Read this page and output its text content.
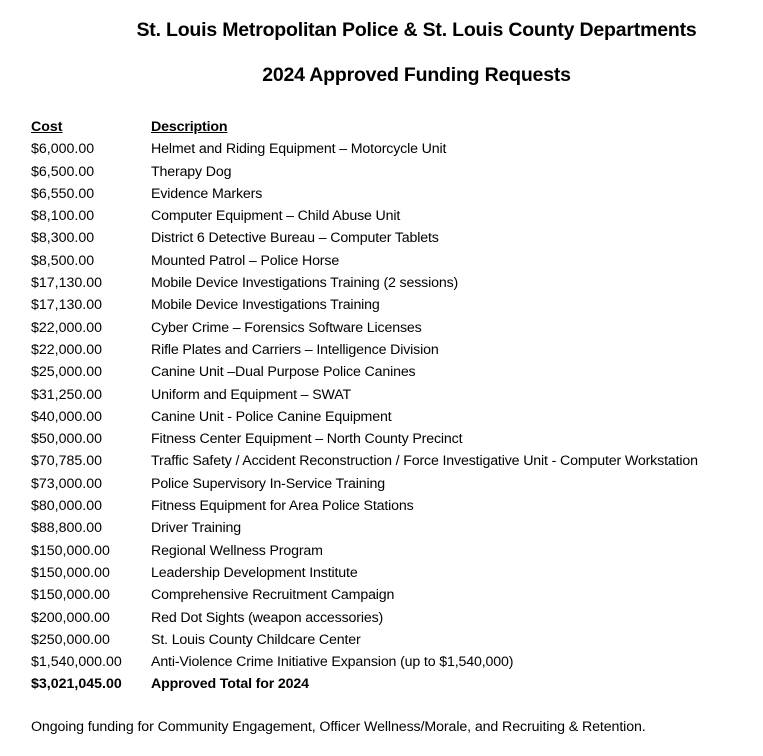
St. Louis Metropolitan Police & St. Louis County Departments
2024 Approved Funding Requests
Cost	Description
$6,000.00	Helmet and Riding Equipment – Motorcycle Unit
$6,500.00	Therapy Dog
$6,550.00	Evidence Markers
$8,100.00	Computer Equipment – Child Abuse Unit
$8,300.00	District 6 Detective Bureau – Computer Tablets
$8,500.00	Mounted Patrol – Police Horse
$17,130.00	Mobile Device Investigations Training (2 sessions)
$17,130.00	Mobile Device Investigations Training
$22,000.00	Cyber Crime – Forensics Software Licenses
$22,000.00	Rifle Plates and Carriers – Intelligence Division
$25,000.00	Canine Unit –Dual Purpose Police Canines
$31,250.00	Uniform and Equipment – SWAT
$40,000.00	Canine Unit - Police Canine Equipment
$50,000.00	Fitness Center Equipment – North County Precinct
$70,785.00	Traffic Safety / Accident Reconstruction / Force Investigative Unit - Computer Workstation
$73,000.00	Police Supervisory In-Service Training
$80,000.00	Fitness Equipment for Area Police Stations
$88,800.00	Driver Training
$150,000.00	Regional Wellness Program
$150,000.00	Leadership Development Institute
$150,000.00	Comprehensive Recruitment Campaign
$200,000.00	Red Dot Sights (weapon accessories)
$250,000.00	St. Louis County Childcare Center
$1,540,000.00 Anti-Violence Crime Initiative Expansion (up to $1,540,000)
$3,021,045.00 Approved Total for 2024
Ongoing funding for Community Engagement, Officer Wellness/Morale, and Recruiting & Retention.
